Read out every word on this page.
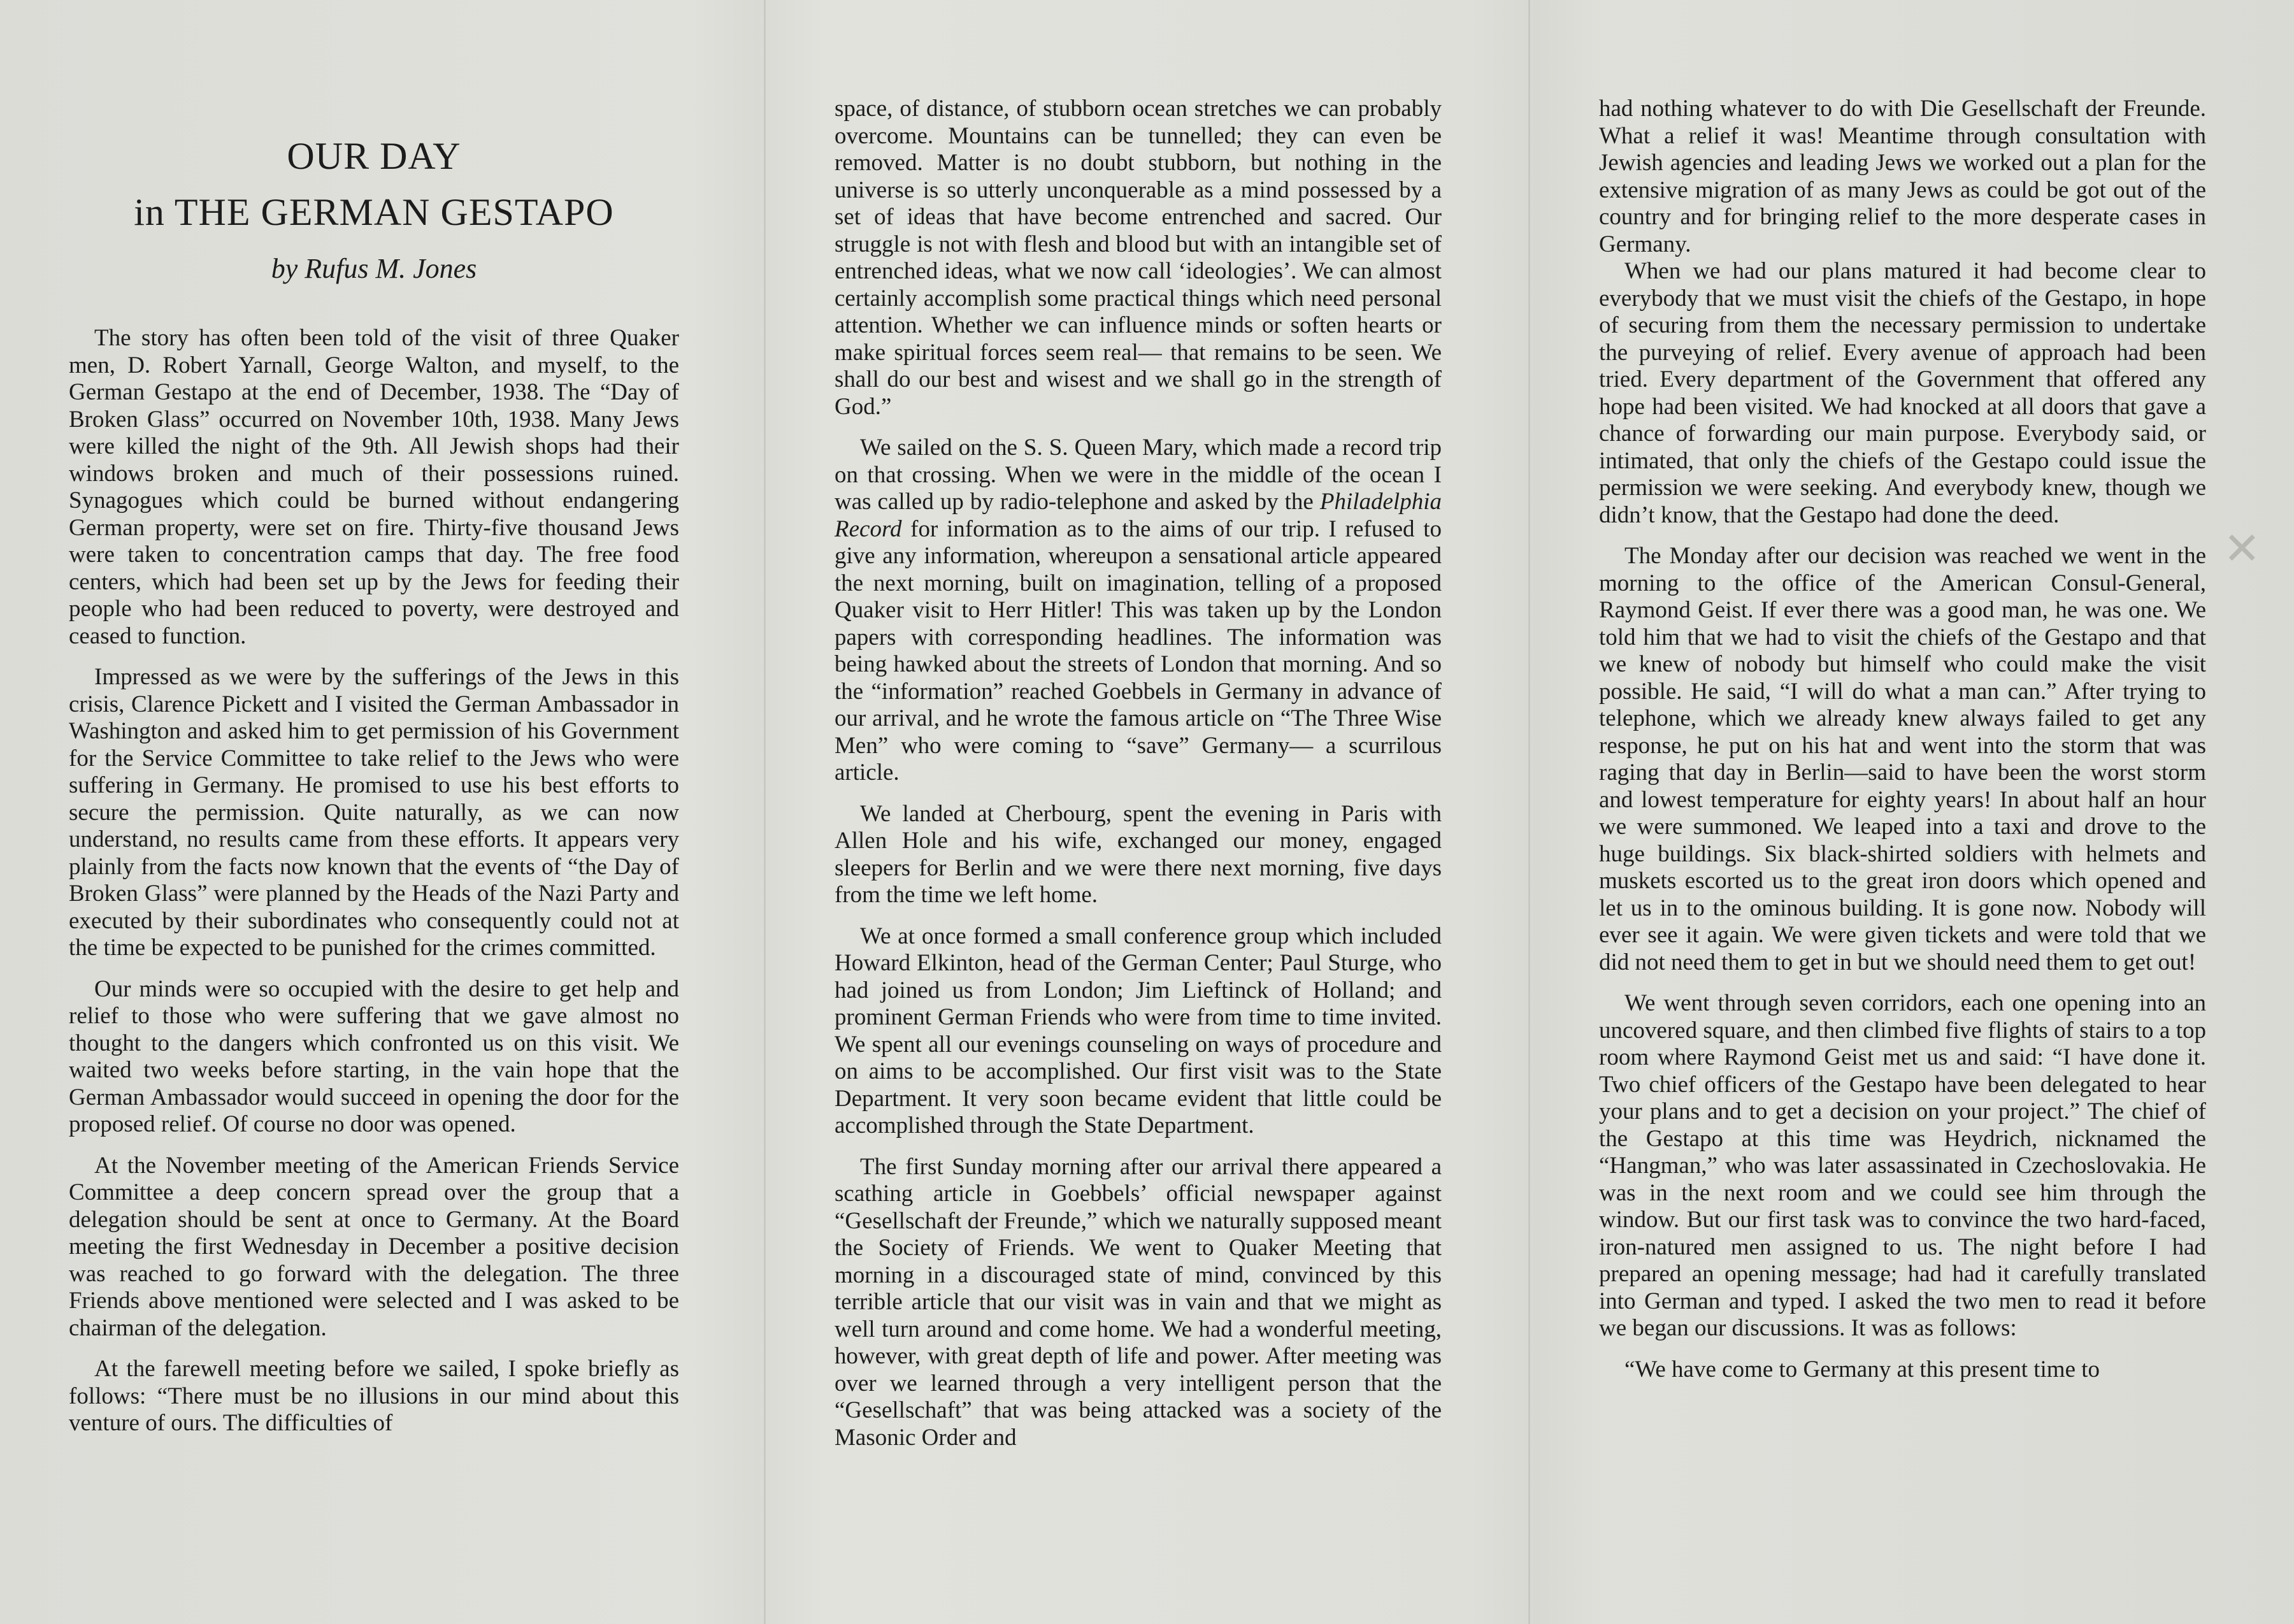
OUR DAY
in THE GERMAN GESTAPO
by Rufus M. Jones

The story has often been told of the visit of three Quaker men, D. Robert Yarnall, George Walton, and myself, to the German Gestapo at the end of December, 1938. The “Day of Broken Glass” occurred on November 10th, 1938. Many Jews were killed the night of the 9th. All Jewish shops had their windows broken and much of their possessions ruined. Synagogues which could be burned without endangering German property, were set on fire. Thirty-five thousand Jews were taken to concentration camps that day. The free food centers, which had been set up by the Jews for feeding their people who had been reduced to poverty, were destroyed and ceased to function.

Impressed as we were by the sufferings of the Jews in this crisis, Clarence Pickett and I visited the German Ambassador in Washington and asked him to get permission of his Government for the Service Committee to take relief to the Jews who were suffering in Germany. He promised to use his best efforts to secure the permission. Quite naturally, as we can now understand, no results came from these efforts. It appears very plainly from the facts now known that the events of “the Day of Broken Glass” were planned by the Heads of the Nazi Party and executed by their subordinates who consequently could not at the time be expected to be punished for the crimes committed.

Our minds were so occupied with the desire to get help and relief to those who were suffering that we gave almost no thought to the dangers which confronted us on this visit. We waited two weeks before starting, in the vain hope that the German Ambassador would succeed in opening the door for the proposed relief. Of course no door was opened.

At the November meeting of the American Friends Service Committee a deep concern spread over the group that a delegation should be sent at once to Germany. At the Board meeting the first Wednesday in December a positive decision was reached to go forward with the delegation. The three Friends above mentioned were selected and I was asked to be chairman of the delegation.

At the farewell meeting before we sailed, I spoke briefly as follows: “There must be no illusions in our mind about this venture of ours. The difficulties of

space, of distance, of stubborn ocean stretches we can probably overcome. Mountains can be tunnelled; they can even be removed. Matter is no doubt stubborn, but nothing in the universe is so utterly unconquerable as a mind possessed by a set of ideas that have become entrenched and sacred. Our struggle is not with flesh and blood but with an intangible set of entrenched ideas, what we now call ‘ideologies’. We can almost certainly accomplish some practical things which need personal attention. Whether we can influence minds or soften hearts or make spiritual forces seem real— that remains to be seen. We shall do our best and wisest and we shall go in the strength of God.”

We sailed on the S. S. Queen Mary, which made a record trip on that crossing. When we were in the middle of the ocean I was called up by radio-telephone and asked by the Philadelphia Record for information as to the aims of our trip. I refused to give any information, whereupon a sensational article appeared the next morning, built on imagination, telling of a proposed Quaker visit to Herr Hitler! This was taken up by the London papers with corresponding headlines. The information was being hawked about the streets of London that morning. And so the “information” reached Goebbels in Germany in advance of our arrival, and he wrote the famous article on “The Three Wise Men” who were coming to “save” Germany— a scurrilous article.

We landed at Cherbourg, spent the evening in Paris with Allen Hole and his wife, exchanged our money, engaged sleepers for Berlin and we were there next morning, five days from the time we left home.

We at once formed a small conference group which included Howard Elkinton, head of the German Center; Paul Sturge, who had joined us from London; Jim Lieftinck of Holland; and prominent German Friends who were from time to time invited. We spent all our evenings counseling on ways of procedure and on aims to be accomplished. Our first visit was to the State Department. It very soon became evident that little could be accomplished through the State Department.

The first Sunday morning after our arrival there appeared a scathing article in Goebbels’ official newspaper against “Gesellschaft der Freunde,” which we naturally supposed meant the Society of Friends. We went to Quaker Meeting that morning in a discouraged state of mind, convinced by this terrible article that our visit was in vain and that we might as well turn around and come home. We had a wonderful meeting, however, with great depth of life and power. After meeting was over we learned through a very intelligent person that the “Gesellschaft” that was being attacked was a society of the Masonic Order and

had nothing whatever to do with Die Gesellschaft der Freunde. What a relief it was! Meantime through consultation with Jewish agencies and leading Jews we worked out a plan for the extensive migration of as many Jews as could be got out of the country and for bringing relief to the more desperate cases in Germany.

When we had our plans matured it had become clear to everybody that we must visit the chiefs of the Gestapo, in hope of securing from them the necessary permission to undertake the purveying of relief. Every avenue of approach had been tried. Every department of the Government that offered any hope had been visited. We had knocked at all doors that gave a chance of forwarding our main purpose. Everybody said, or intimated, that only the chiefs of the Gestapo could issue the permission we were seeking. And everybody knew, though we didn’t know, that the Gestapo had done the deed.

The Monday after our decision was reached we went in the morning to the office of the American Consul-General, Raymond Geist. If ever there was a good man, he was one. We told him that we had to visit the chiefs of the Gestapo and that we knew of nobody but himself who could make the visit possible. He said, “I will do what a man can.” After trying to telephone, which we already knew always failed to get any response, he put on his hat and went into the storm that was raging that day in Berlin—said to have been the worst storm and lowest temperature for eighty years! In about half an hour we were summoned. We leaped into a taxi and drove to the huge buildings. Six black-shirted soldiers with helmets and muskets escorted us to the great iron doors which opened and let us in to the ominous building. It is gone now. Nobody will ever see it again. We were given tickets and were told that we did not need them to get in but we should need them to get out!

We went through seven corridors, each one opening into an uncovered square, and then climbed five flights of stairs to a top room where Raymond Geist met us and said: “I have done it. Two chief officers of the Gestapo have been delegated to hear your plans and to get a decision on your project.” The chief of the Gestapo at this time was Heydrich, nicknamed the “Hangman,” who was later assassinated in Czechoslovakia. He was in the next room and we could see him through the window. But our first task was to convince the two hard-faced, iron-natured men assigned to us. The night before I had prepared an opening message; had had it carefully translated into German and typed. I asked the two men to read it before we began our discussions. It was as follows:

“We have come to Germany at this present time to

✕
